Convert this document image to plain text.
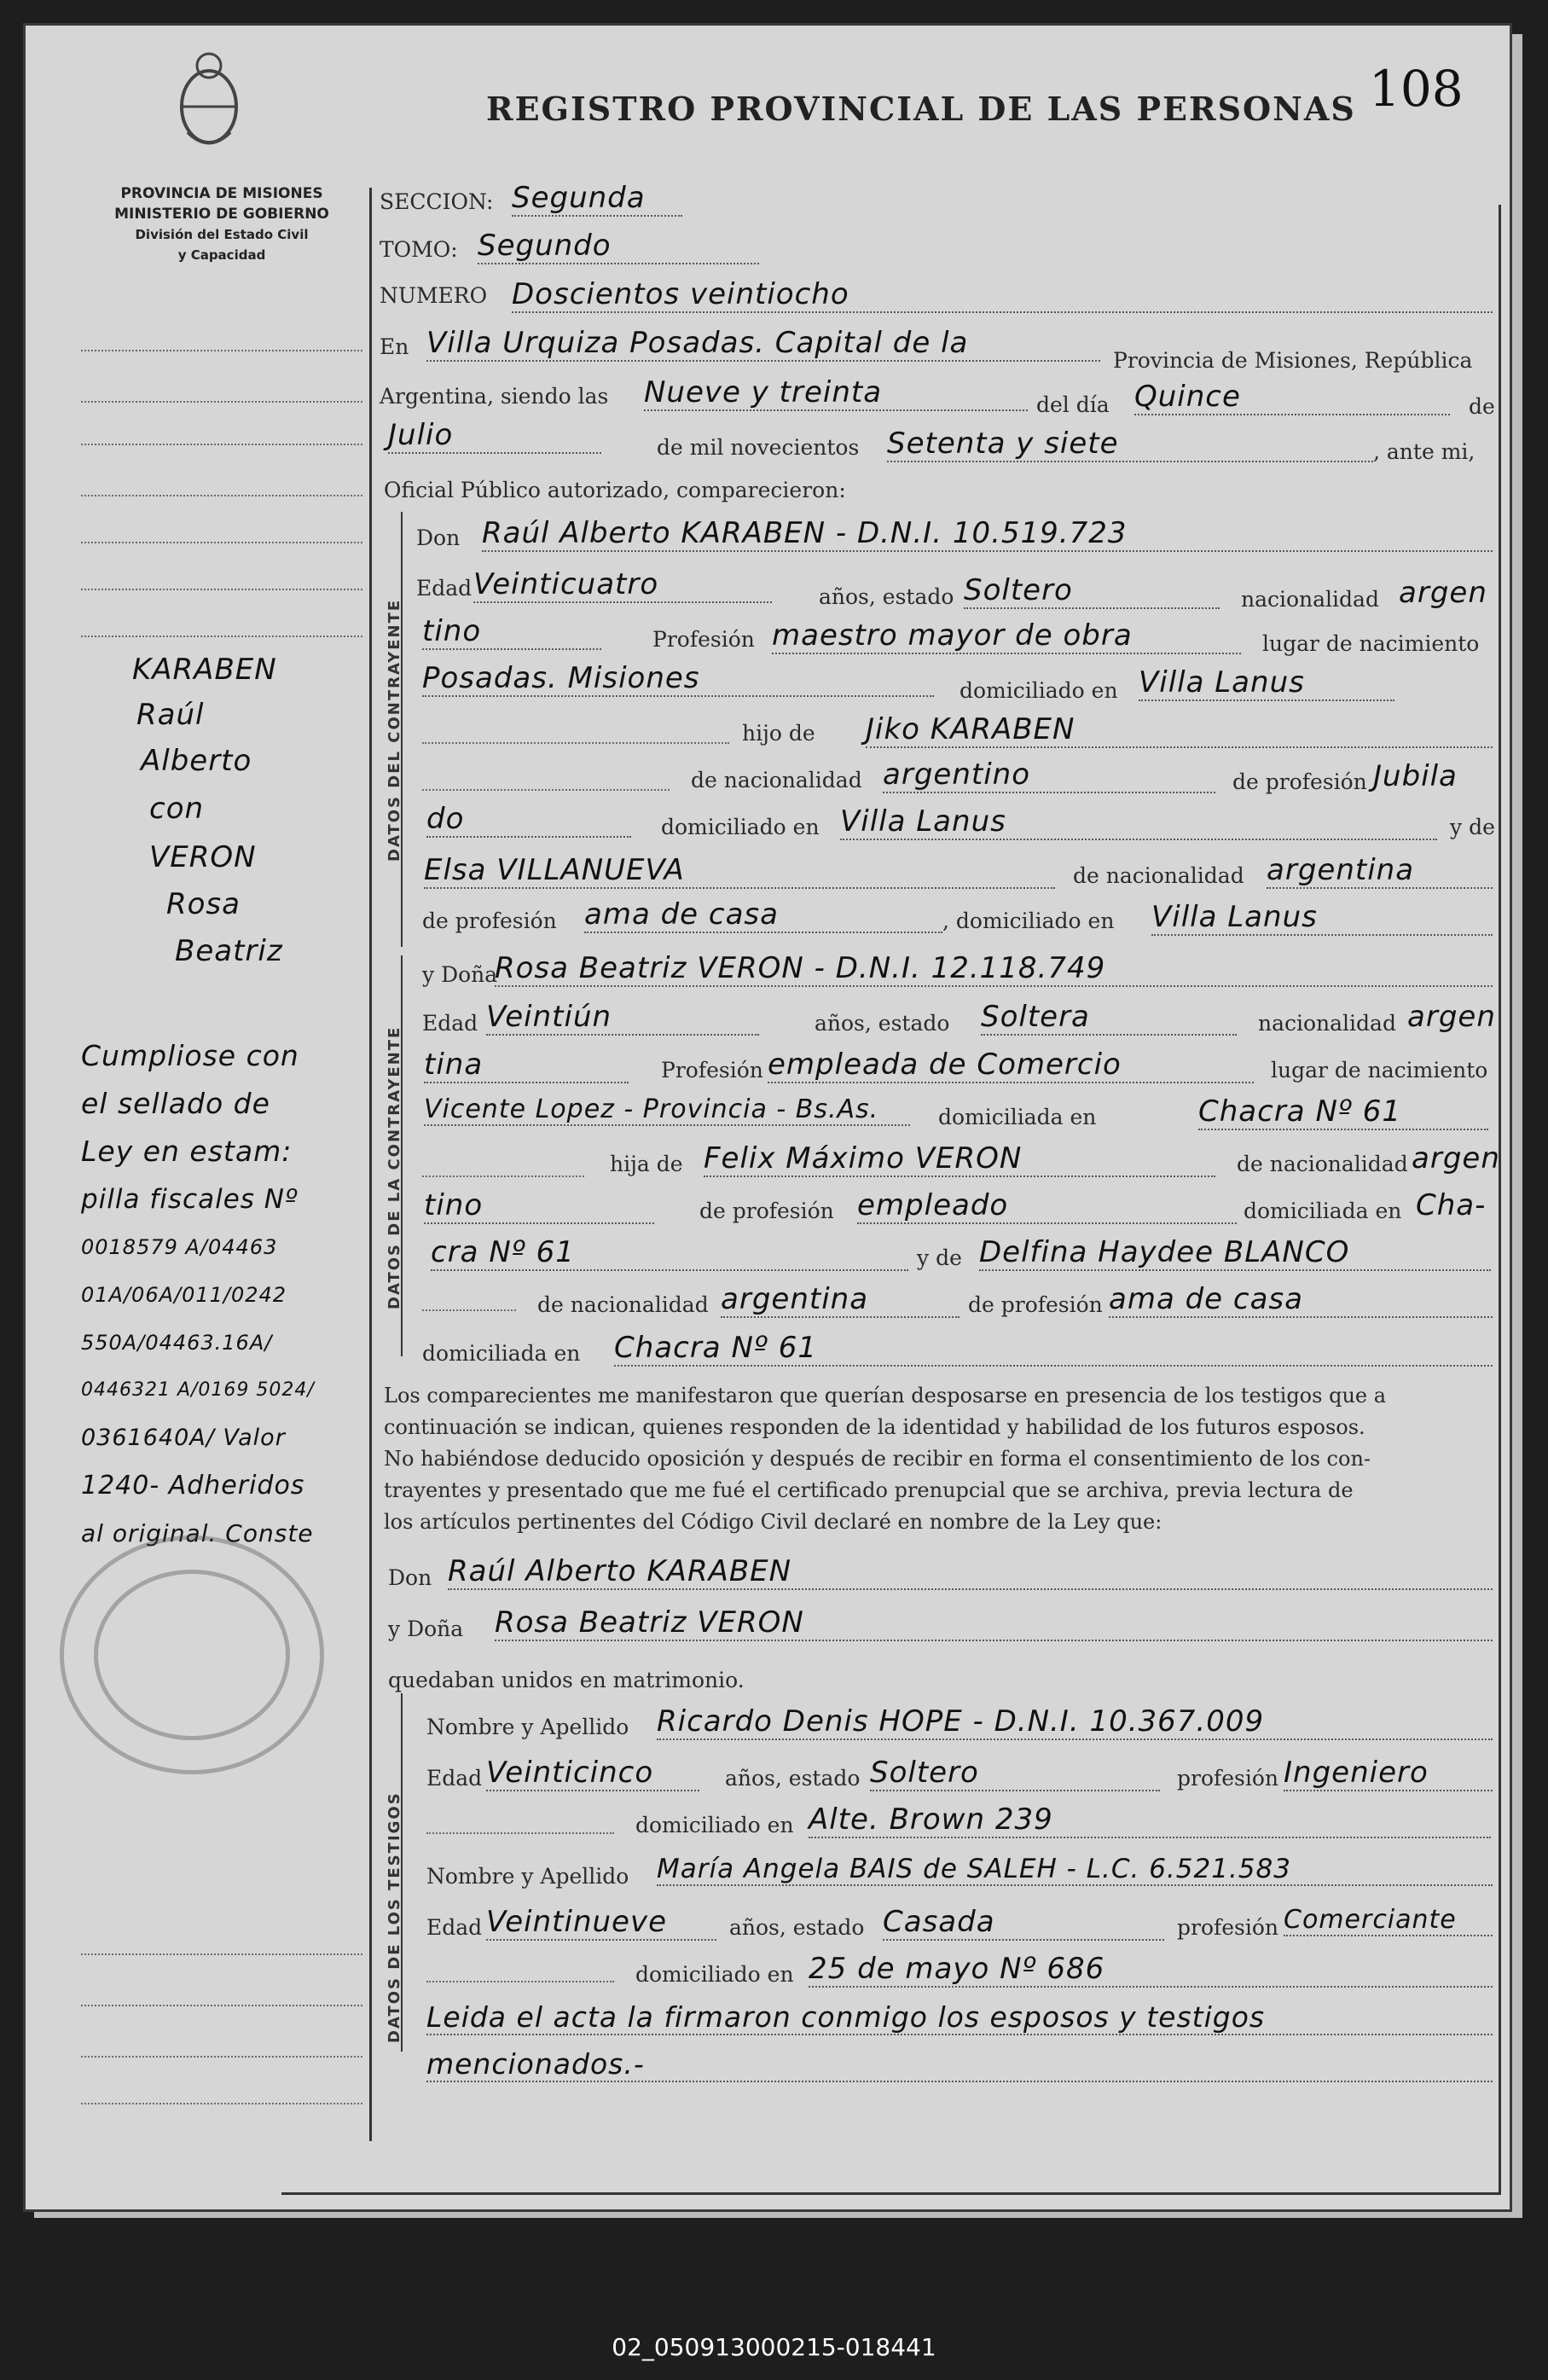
REGISTRO PROVINCIAL DE LAS PERSONAS 108
PROVINCIA DE MISIONES
MINISTERIO DE GOBIERNO
División del Estado Civil
y Capacidad
KARABEN
Raúl
Alberto
con
VERON
Rosa
Beatriz
Cumpliose con
el sellado de
Ley en estam:
pilla fiscales Nº
0018579 A/04463
01A/06A/011/0242
550A/04463.16A/
0446321 A/0169 5024/
0361640A/ Valor
1240- Adheridos
al original. Conste
SECCION: Segunda
TOMO: Segundo
NUMERO Doscientos veintiocho
En Villa Urquiza Posadas. Capital de la
Provincia de Misiones, República
Argentina, siendo las Nueve y treinta	del día Quince	de
Julio	de mil novecientos Setenta y siete	, ante mi,
Oficial Público autorizado, comparecieron:
DATOS DEL CONTRAYENTE
Don Raúl Alberto KARABEN - D.N.I. 10.519.723
Edad Veinticuatro	años, estado Soltero	nacionalidad argen
tino	Profesión maestro mayor de obra	lugar de nacimiento
Posadas. Misiones	domiciliado en Villa Lanus
hijo de Jiko KARABEN
de nacionalidad argentino	de profesión Jubila
do	domiciliado en Villa Lanus	y de
Elsa VILLANUEVA	de nacionalidad argentina
de profesión ama de casa	, domiciliado en Villa Lanus
DATOS DE LA CONTRAYENTE
y Doña
Rosa Beatriz VERON - D.N.I. 12.118.749
Edad Veintiún	años, estado Soltera	nacionalidad argen
tina	Profesión empleada de Comercio	lugar de nacimiento
Vicente Lopez - Provincia - Bs.As.	domiciliada en	Chacra Nº 61
hija de Felix Máximo VERON	de nacionalidad argen
tino	de profesión empleado	domiciliada en Cha-
cra Nº 61	y de Delfina Haydee BLANCO
de nacionalidad argentina	de profesión ama de casa
domiciliada en Chacra Nº 61
Los comparecientes me manifestaron que querían desposarse en presencia de los testigos que a
continuación se indican, quienes responden de la identidad y habilidad de los futuros esposos.
No habiéndose deducido oposición y después de recibir en forma el consentimiento de los con-
trayentes y presentado que me fué el certificado prenupcial que se archiva, previa lectura de
los artículos pertinentes del Código Civil declaré en nombre de la Ley que:
Don Raúl Alberto KARABEN
y Doña Rosa Beatriz VERON
quedaban unidos en matrimonio.
DATOS DE LOS TESTIGOS
Nombre y Apellido Ricardo Denis HOPE - D.N.I. 10.367.009
Edad Veinticinco	años, estado Soltero	profesión Ingeniero
domiciliado en Alte. Brown 239
Nombre y Apellido María Angela BAIS de SALEH - L.C. 6.521.583
Edad Veintinueve	años, estado Casada	profesión Comerciante
domiciliado en 25 de mayo Nº 686
Leida el acta la firmaron conmigo los esposos y testigos
mencionados.-
02_050913000215-018441
